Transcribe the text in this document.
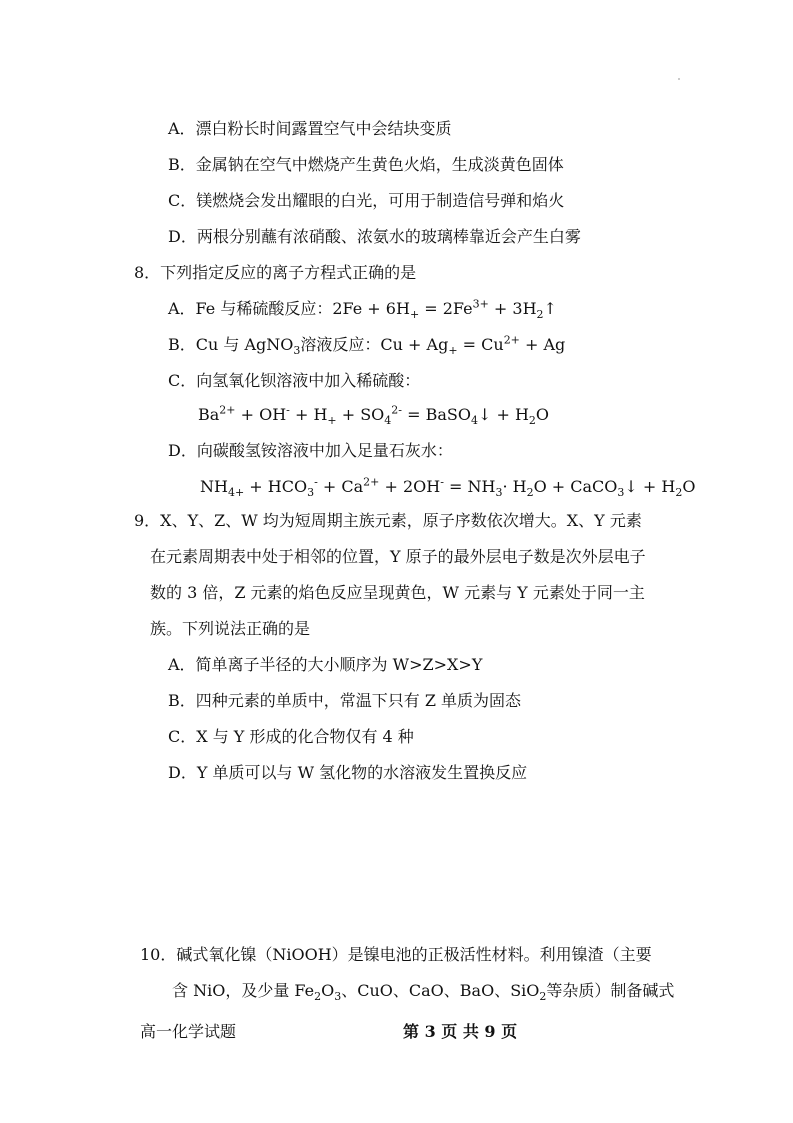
A．漂白粉长时间露置空气中会结块变质
B．金属钠在空气中燃烧产生黄色火焰，生成淡黄色固体
C．镁燃烧会发出耀眼的白光，可用于制造信号弹和焰火
D．两根分别蘸有浓硝酸、浓氨水的玻璃棒靠近会产生白雾
8．下列指定反应的离子方程式正确的是
A．Fe 与稀硫酸反应：$2Fe + 6H_+ = 2Fe^{3+}$ + $3H_2↑$
B．Cu 与 AgNO$_3$溶液反应：$Cu + Ag_+ = Cu^{2+} + Ag$
C．向氢氧化钡溶液中加入稀硫酸：
$Ba^{2+} + OH^- + H_+ + SO_4^{2-}$ = BaSO$_4$↓ + $H_2O$
D．向碳酸氢铵溶液中加入足量石灰水：
$NH_{4+} + HCO_3^- + Ca^{2+} + 2OH^- = NH_3\cdot H_2O$ + CaCO$_3$↓ + $H_2O$
9．X、Y、Z、W 均为短周期主族元素，原子序数依次增大。X、Y 元素
在元素周期表中处于相邻的位置，Y 原子的最外层电子数是次外层电子
数的 3 倍，Z 元素的焰色反应呈现黄色，W 元素与 Y 元素处于同一主
族。下列说法正确的是
A．简单离子半径的大小顺序为 W>Z>X>Y
B．四种元素的单质中，常温下只有 Z 单质为固态
C．X 与 Y 形成的化合物仅有 4 种
D．Y 单质可以与 W 氢化物的水溶液发生置换反应
10．碱式氧化镍（NiOOH）是镍电池的正极活性材料。利用镍渣（主要
含 NiO，及少量 $Fe_2O_3$、CuO、CaO、BaO、SiO$_2$等杂质）制备碱式
高一化学试题	第 3 页 共 9 页
